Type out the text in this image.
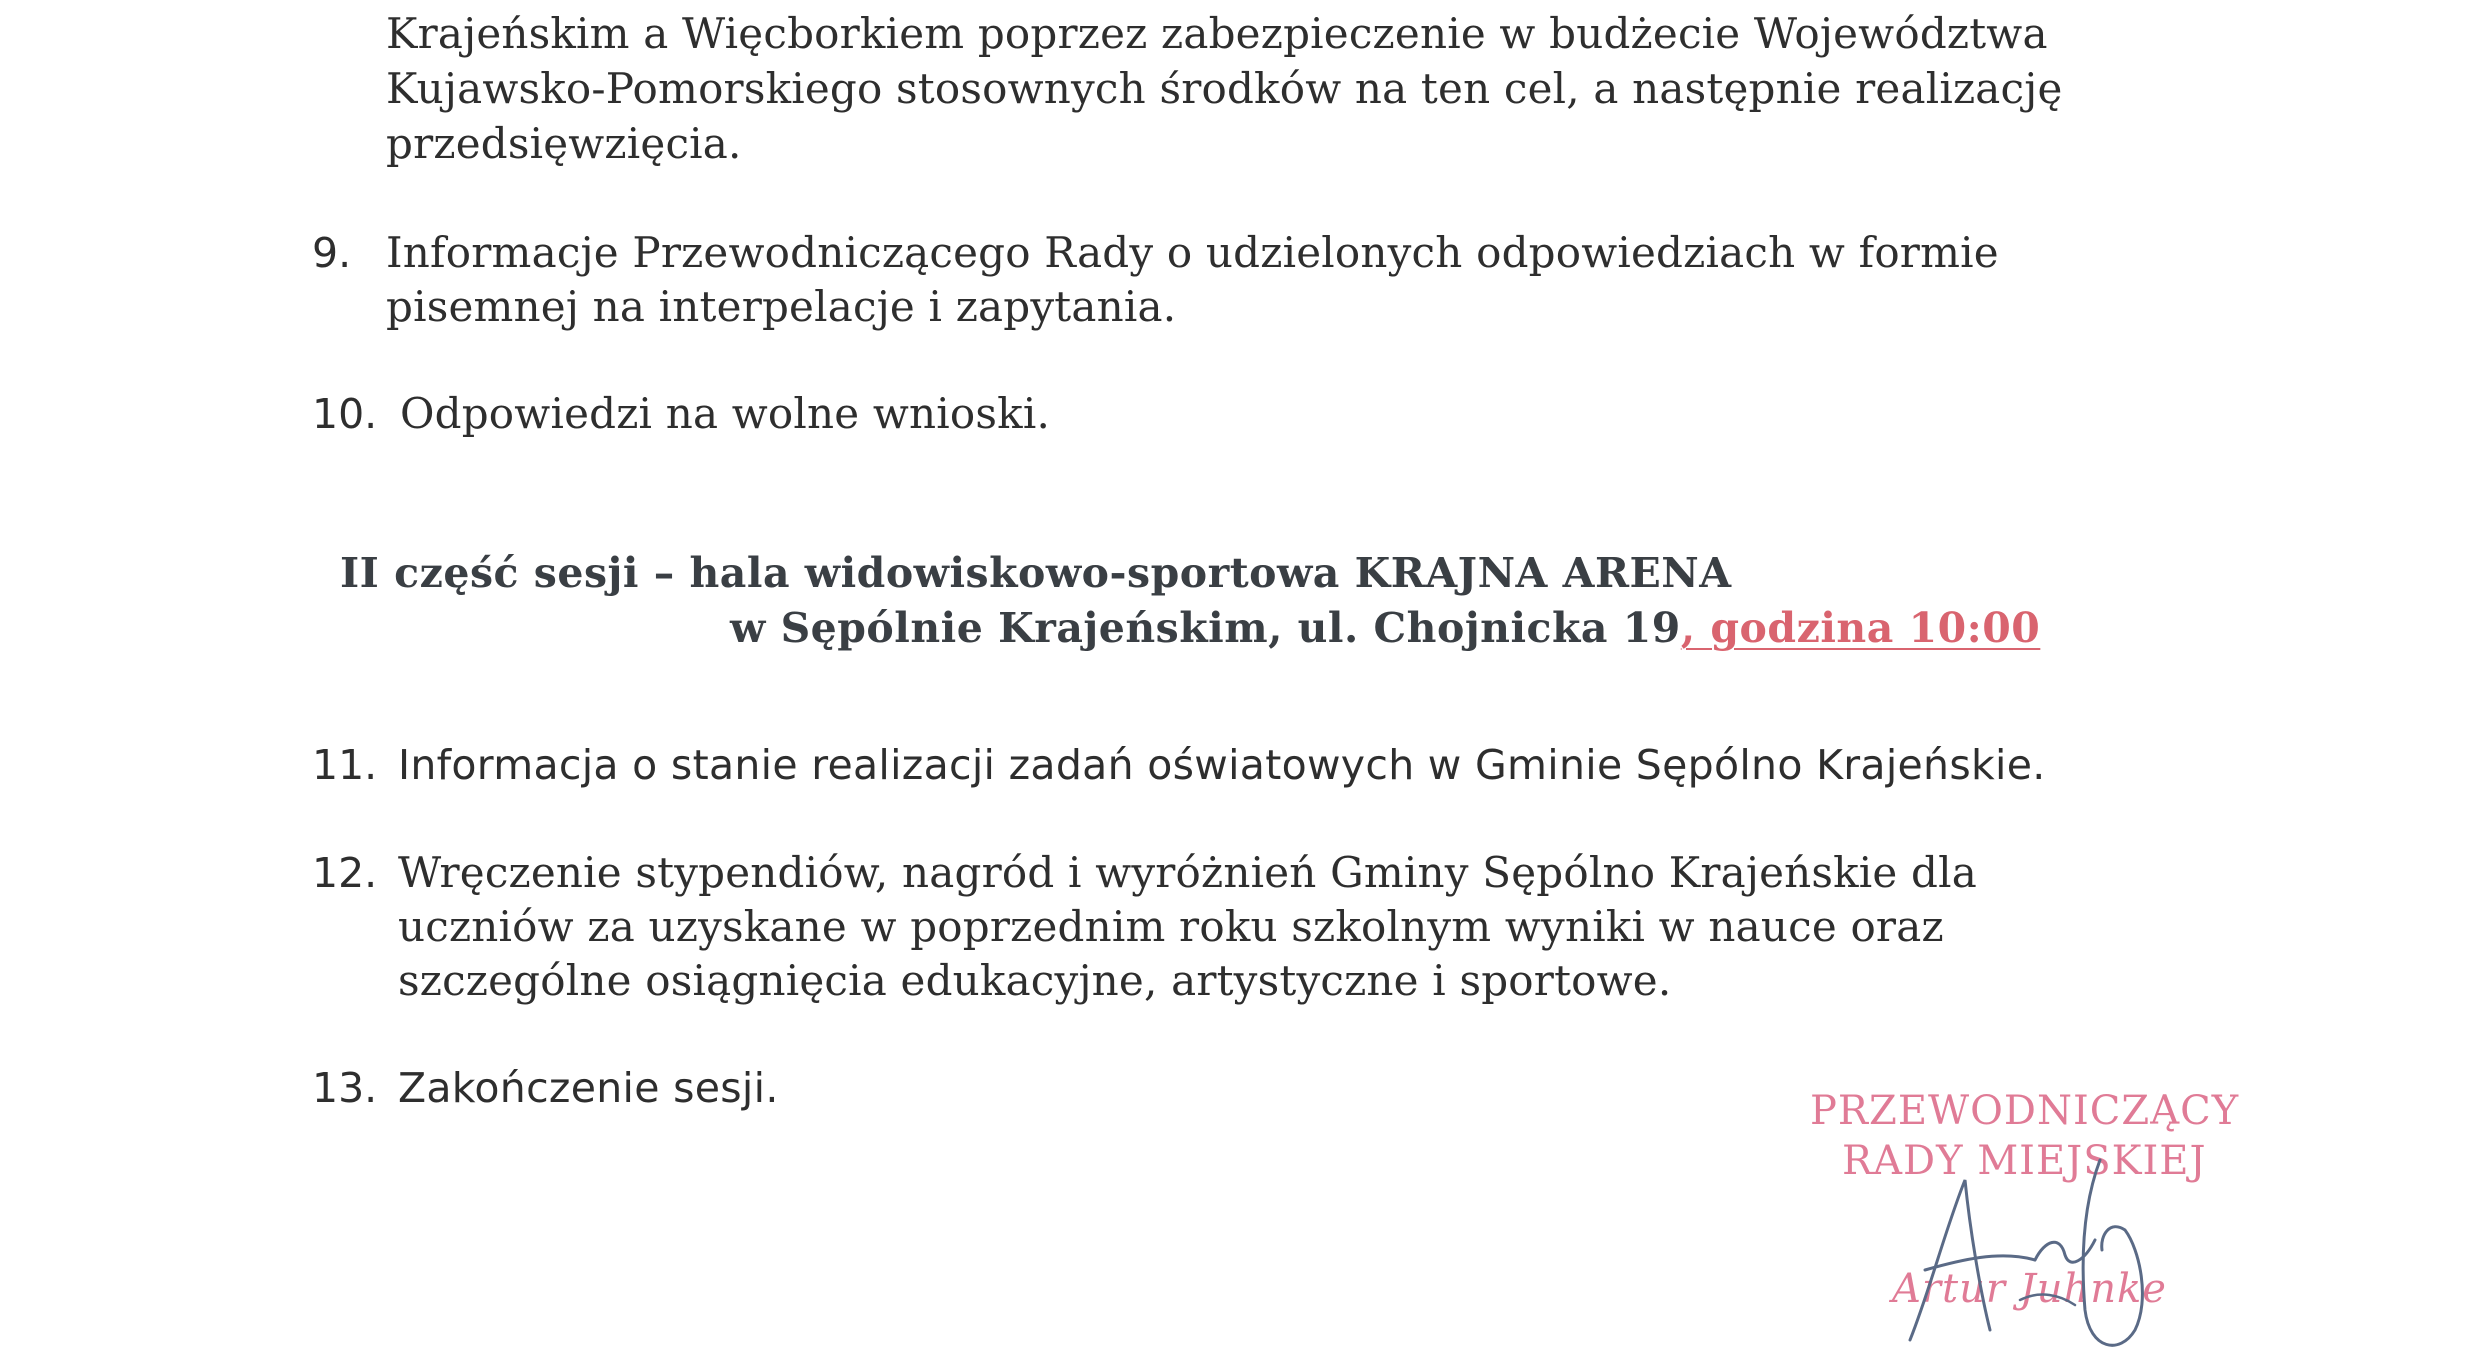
Krajeńskim a Więcborkiem poprzez zabezpieczenie w budżecie Województwa
Kujawsko-Pomorskiego stosownych środków na ten cel, a następnie realizację
przedsięwzięcia.
9. Informacje Przewodniczącego Rady o udzielonych odpowiedziach w formie
pisemnej na interpelacje i zapytania.
10. Odpowiedzi na wolne wnioski.
II część sesji – hala widowiskowo-sportowa KRAJNA ARENA
w Sępólnie Krajeńskim, ul. Chojnicka 19, godzina 10:00
11. Informacja o stanie realizacji zadań oświatowych w Gminie Sępólno Krajeńskie.
12. Wręczenie stypendiów, nagród i wyróżnień Gminy Sępólno Krajeńskie dla
uczniów za uzyskane w poprzednim roku szkolnym wyniki w nauce oraz
szczególne osiągnięcia edukacyjne, artystyczne i sportowe.
13. Zakończenie sesji.	PRZEWODNICZĄCY
RADY MIEJSKIEJ
Artur Juhnke
